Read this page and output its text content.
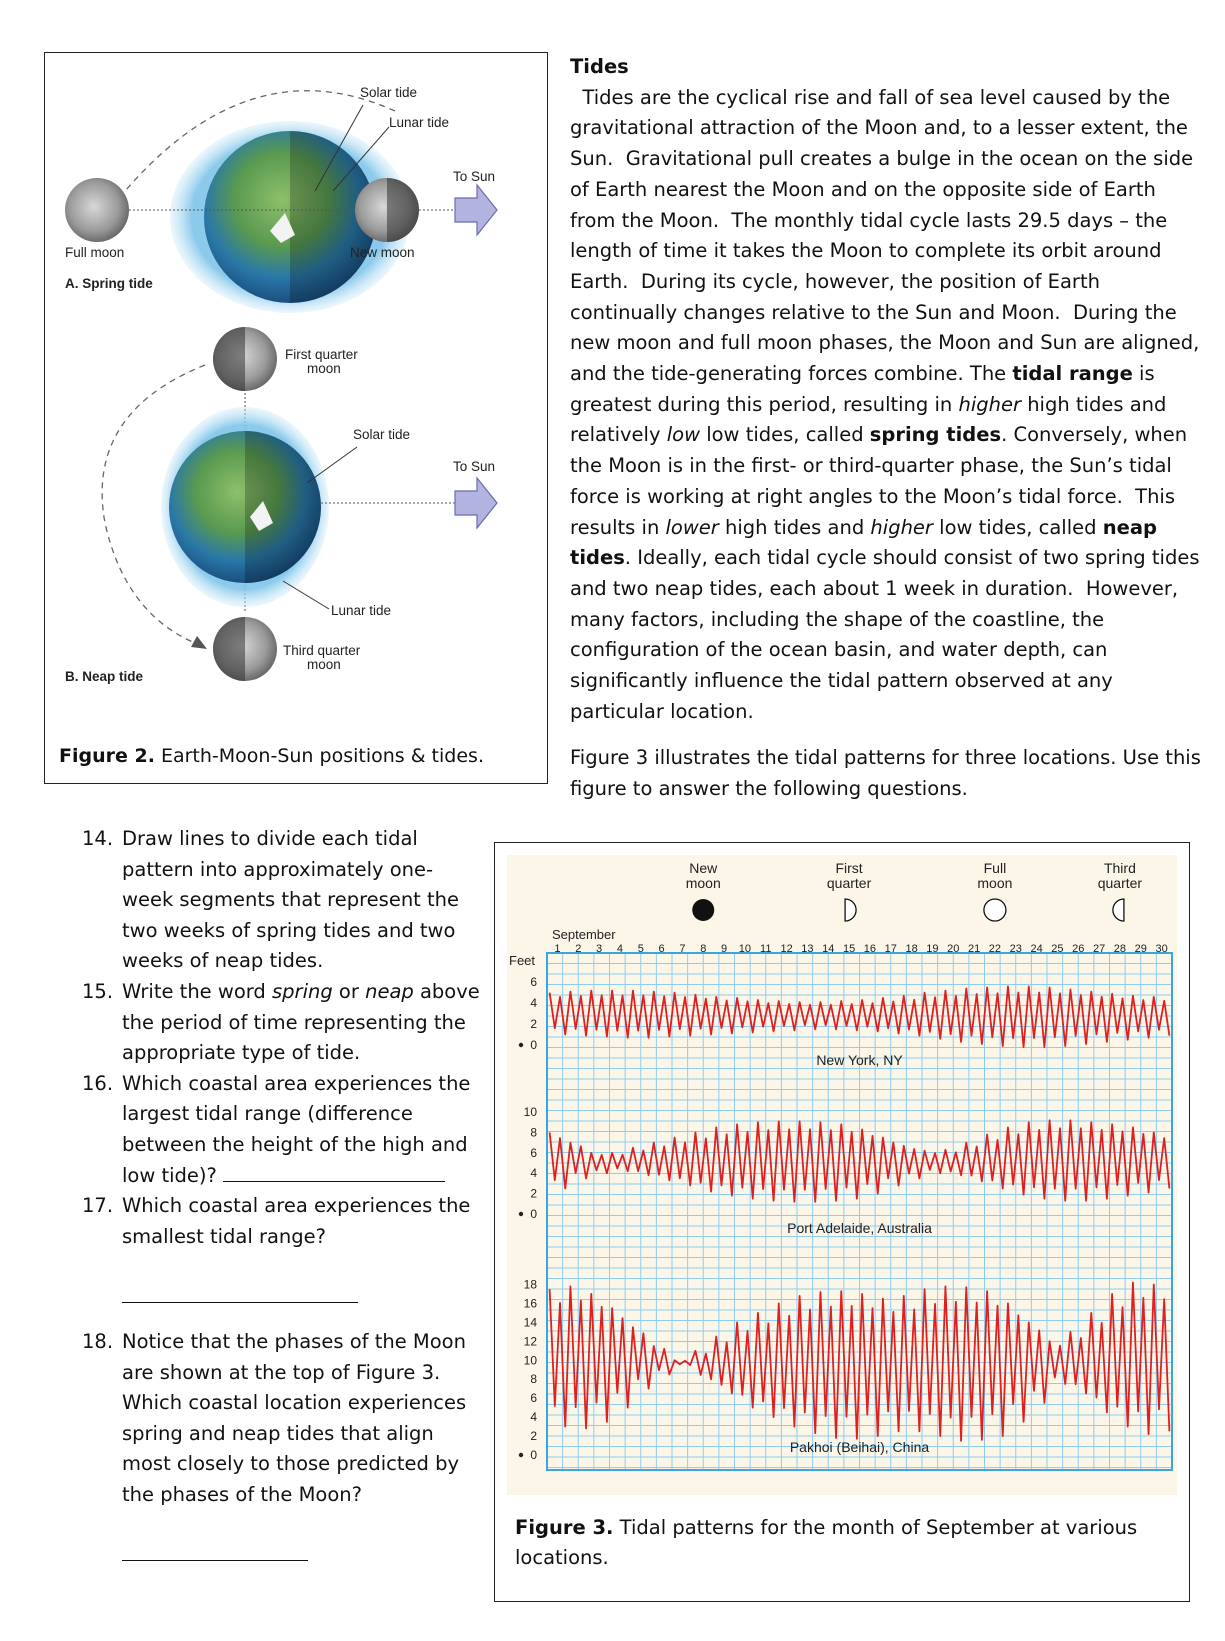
Solar tide
Lunar tide
To Sun
Full moon	New moon
A. Spring tide
First quarter
moon
Solar tide
To Sun
Lunar tide
Third quarter
moon
B. Neap tide
Figure 2. Earth-Moon-Sun positions & tides.
Tides
Tides are the cyclical rise and fall of sea level caused by the gravitational attraction of the Moon and, to a lesser extent, the Sun.  Gravitational pull creates a bulge in the ocean on the side of Earth nearest the Moon and on the opposite side of Earth from the Moon.  The monthly tidal cycle lasts 29.5 days – the length of time it takes the Moon to complete its orbit around Earth.  During its cycle, however, the position of Earth continually changes relative to the Sun and Moon.  During the new moon and full moon phases, the Moon and Sun are aligned, and the tide-generating forces combine. The tidal range is greatest during this period, resulting in higher high tides and relatively low low tides, called spring tides. Conversely, when the Moon is in the first- or third-quarter phase, the Sun’s tidal force is working at right angles to the Moon’s tidal force.  This results in lower high tides and higher low tides, called neap tides. Ideally, each tidal cycle should consist of two spring tides and two neap tides, each about 1 week in duration.  However, many factors, including the shape of the coastline, the configuration of the ocean basin, and water depth, can significantly influence the tidal pattern observed at any particular location.
Figure 3 illustrates the tidal patterns for three locations. Use this figure to answer the following questions.
14. Draw lines to divide each tidal pattern into approximately one-week segments that represent the two weeks of spring tides and two weeks of neap tides.
15. Write the word spring or neap above the period of time representing the appropriate type of tide.
16. Which coastal area experiences the largest tidal range (difference between the height of the high and low tide)?
17. Which coastal area experiences the smallest tidal range?
18. Notice that the phases of the Moon are shown at the top of Figure 3. Which coastal location experiences spring and neap tides that align most closely to those predicted by the phases of the Moon?
New
moon
First
quarter
Full
moon
Third
quarter
September
1 2 3 4 5 6 7 8 9 10 11 12 13 14 15 16 17 18 19 20 21 22 23 24 25 26 27 28 29 30
Feet
6
4
2
0
New York, NY
10
8
6
4
2
0
Port Adelaide, Australia
18
16
14
12
10
8
6
4
2
0	Pakhoi (Beihai), China
Figure 3. Tidal patterns for the month of September at various locations.
